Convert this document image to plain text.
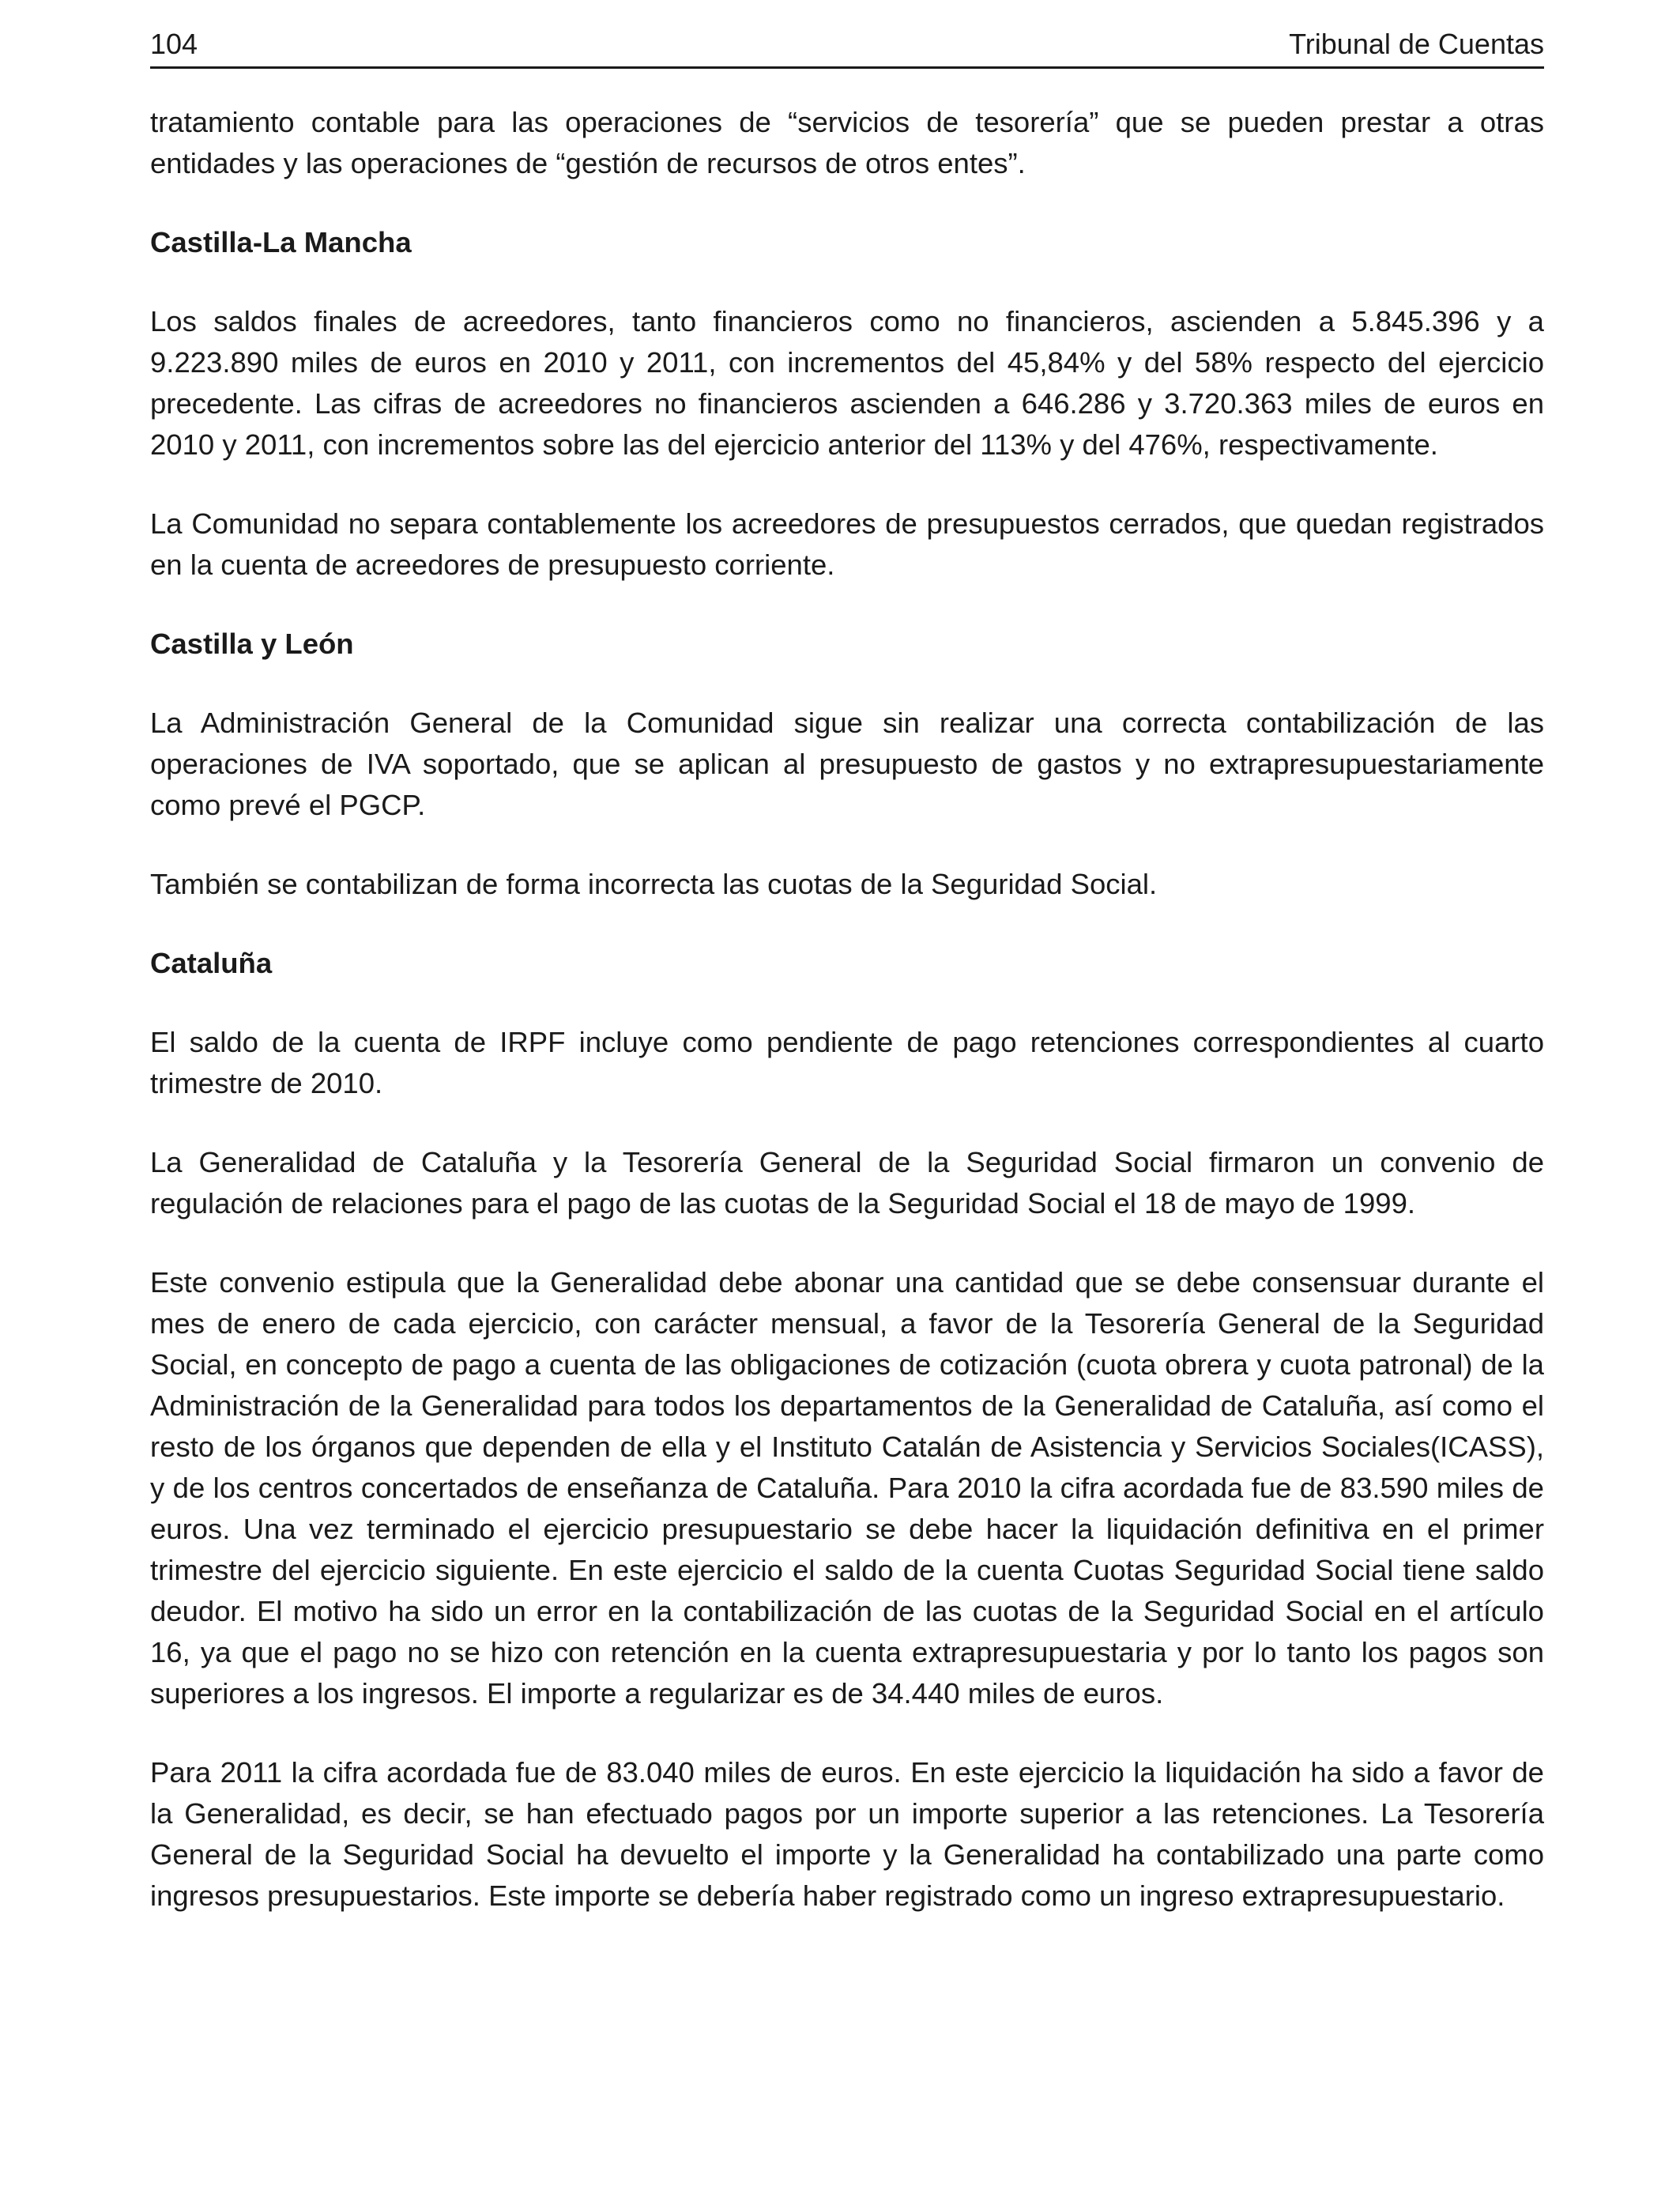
104	Tribunal de Cuentas

tratamiento contable para las operaciones de “servicios de tesorería” que se pueden prestar a otras entidades y las operaciones de “gestión de recursos de otros entes”.

Castilla-La Mancha

Los saldos finales de acreedores, tanto financieros como no financieros, ascienden a 5.845.396 y a 9.223.890 miles de euros en 2010 y 2011, con incrementos del 45,84% y del 58% respecto del ejercicio precedente. Las cifras de acreedores no financieros ascienden a 646.286 y 3.720.363 miles de euros en 2010 y 2011, con incrementos sobre las del ejercicio anterior del 113% y del 476%, respectivamente.

La Comunidad no separa contablemente los acreedores de presupuestos cerrados, que quedan registrados en la cuenta de acreedores de presupuesto corriente.

Castilla y León

La Administración General de la Comunidad sigue sin realizar una correcta contabilización de las operaciones de IVA soportado, que se aplican al presupuesto de gastos y no extrapresupuestariamente como prevé el PGCP.

También se contabilizan de forma incorrecta las cuotas de la Seguridad Social.

Cataluña

El saldo de la cuenta de IRPF incluye como pendiente de pago retenciones correspondientes al cuarto trimestre de 2010.

La Generalidad de Cataluña y la Tesorería General de la Seguridad Social firmaron un convenio de regulación de relaciones para el pago de las cuotas de la Seguridad Social el 18 de mayo de 1999.

Este convenio estipula que la Generalidad debe abonar una cantidad que se debe consensuar durante el mes de enero de cada ejercicio, con carácter mensual, a favor de la Tesorería General de la Seguridad Social, en concepto de pago a cuenta de las obligaciones de cotización (cuota obrera y cuota patronal) de la Administración de la Generalidad para todos los departamentos de la Generalidad de Cataluña, así como el resto de los órganos que dependen de ella y el Instituto Catalán de Asistencia y Servicios Sociales(ICASS), y de los centros concertados de enseñanza de Cataluña. Para 2010 la cifra acordada fue de 83.590 miles de euros. Una vez terminado el ejercicio presupuestario se debe hacer la liquidación definitiva en el primer trimestre del ejercicio siguiente. En este ejercicio el saldo de la cuenta Cuotas Seguridad Social tiene saldo deudor. El motivo ha sido un error en la contabilización de las cuotas de la Seguridad Social en el artículo 16, ya que el pago no se hizo con retención en la cuenta extrapresupuestaria y por lo tanto los pagos son superiores a los ingresos. El importe a regularizar es de 34.440 miles de euros.

Para 2011 la cifra acordada fue de 83.040 miles de euros. En este ejercicio la liquidación ha sido a favor de la Generalidad, es decir, se han efectuado pagos por un importe superior a las retenciones. La Tesorería General de la Seguridad Social ha devuelto el importe y la Generalidad ha contabilizado una parte como ingresos presupuestarios. Este importe se debería haber registrado como un ingreso extrapresupuestario.
